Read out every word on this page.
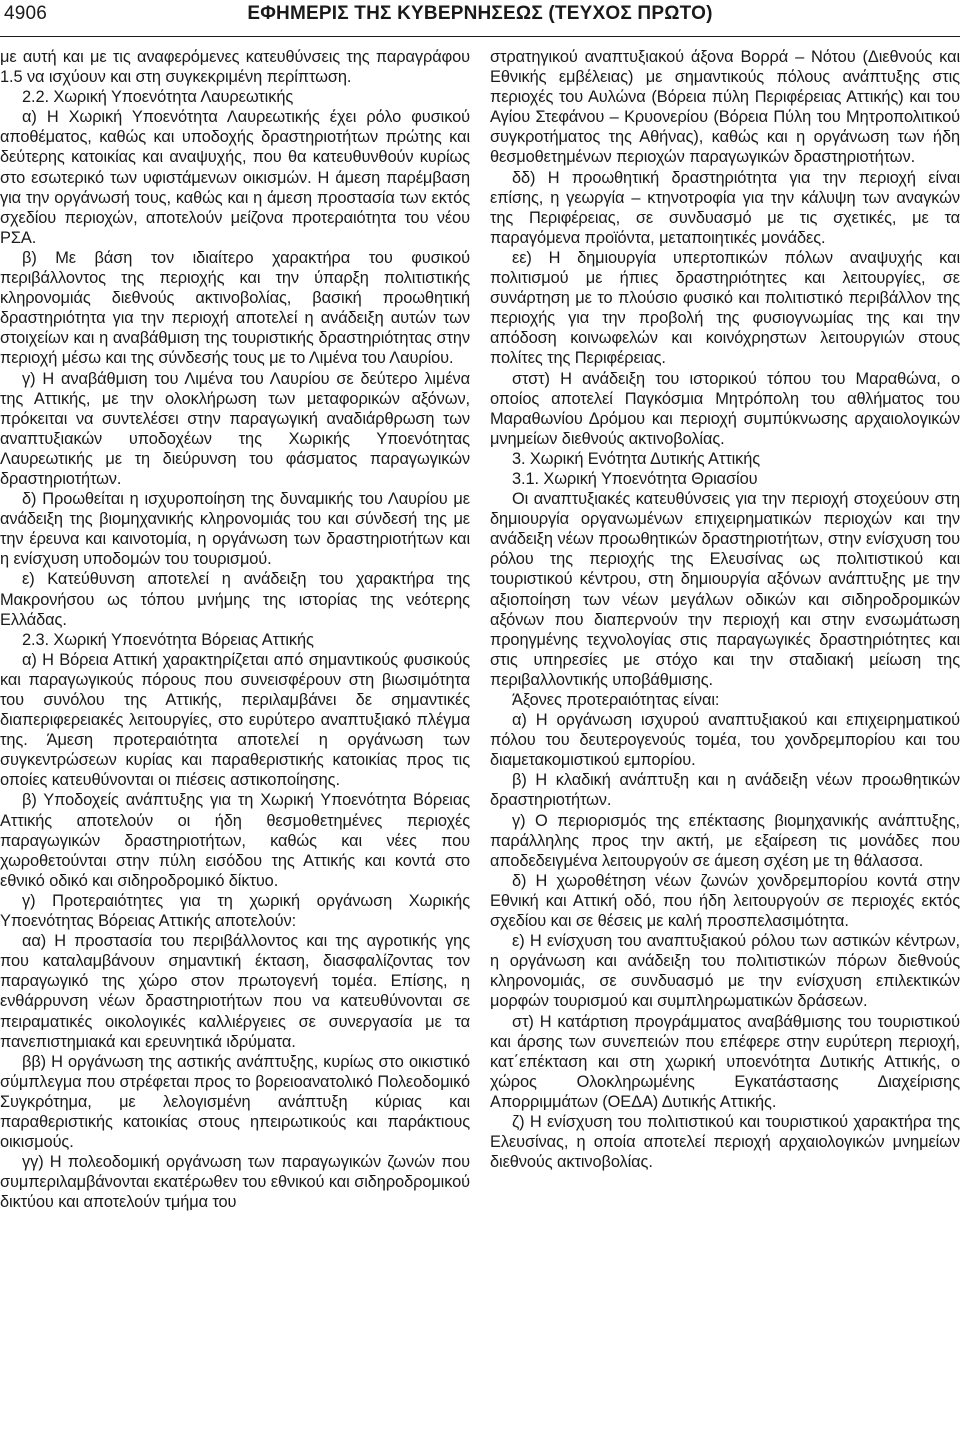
4906	ΕΦΗΜΕΡΙΣ ΤΗΣ ΚΥΒΕΡΝΗΣΕΩΣ (ΤΕΥΧΟΣ ΠΡΩΤΟ)

με αυτή και με τις αναφερόμενες κατευθύνσεις της παραγράφου 1.5 να ισχύουν και στη συγκεκριμένη περίπτωση.

2.2. Χωρική Υποενότητα Λαυρεωτικής

α) Η Χωρική Υποενότητα Λαυρεωτικής έχει ρόλο φυσικού αποθέματος, καθώς και υποδοχής δραστηριοτήτων πρώτης και δεύτερης κατοικίας και αναψυχής, που θα κατευθυνθούν κυρίως στο εσωτερικό των υφιστάμενων οικισμών. Η άμεση παρέμβαση για την οργάνωσή τους, καθώς και η άμεση προστασία των εκτός σχεδίου περιοχών, αποτελούν μείζονα προτεραιότητα του νέου ΡΣΑ.

β) Με βάση τον ιδιαίτερο χαρακτήρα του φυσικού περιβάλλοντος της περιοχής και την ύπαρξη πολιτιστικής κληρονομιάς διεθνούς ακτινοβολίας, βασική προωθητική δραστηριότητα για την περιοχή αποτελεί η ανάδειξη αυτών των στοιχείων και η αναβάθμιση της τουριστικής δραστηριότητας στην περιοχή μέσω και της σύνδεσής τους με το Λιμένα του Λαυρίου.

γ) Η αναβάθμιση του Λιμένα του Λαυρίου σε δεύτερο λιμένα της Αττικής, με την ολοκλήρωση των μεταφορικών αξόνων, πρόκειται να συντελέσει στην παραγωγική αναδιάρθρωση των αναπτυξιακών υποδοχέων της Χωρικής Υποενότητας Λαυρεωτικής με τη διεύρυνση του φάσματος παραγωγικών δραστηριοτήτων.

δ) Προωθείται η ισχυροποίηση της δυναμικής του Λαυρίου με ανάδειξη της βιομηχανικής κληρονομιάς του και σύνδεσή της με την έρευνα και καινοτομία, η οργάνωση των δραστηριοτήτων και η ενίσχυση υποδομών του τουρισμού.

ε) Κατεύθυνση αποτελεί η ανάδειξη του χαρακτήρα της Μακρονήσου ως τόπου μνήμης της ιστορίας της νεότερης Ελλάδας.

2.3. Χωρική Υποενότητα Βόρειας Αττικής

α) Η Βόρεια Αττική χαρακτηρίζεται από σημαντικούς φυσικούς και παραγωγικούς πόρους που συνεισφέρουν στη βιωσιμότητα του συνόλου της Αττικής, περιλαμβάνει δε σημαντικές διαπεριφερειακές λειτουργίες, στο ευρύτερο αναπτυξιακό πλέγμα της. Άμεση προτεραιότητα αποτελεί η οργάνωση των συγκεντρώσεων κυρίας και παραθεριστικής κατοικίας προς τις οποίες κατευθύνονται οι πιέσεις αστικοποίησης.

β) Υποδοχείς ανάπτυξης για τη Χωρική Υποενότητα Βόρειας Αττικής αποτελούν οι ήδη θεσμοθετημένες περιοχές παραγωγικών δραστηριοτήτων, καθώς και νέες που χωροθετούνται στην πύλη εισόδου της Αττικής και κοντά στο εθνικό οδικό και σιδηροδρομικό δίκτυο.

γ) Προτεραιότητες για τη χωρική οργάνωση Χωρικής Υποενότητας Βόρειας Αττικής αποτελούν:

αα) Η προστασία του περιβάλλοντος και της αγροτικής γης που καταλαμβάνουν σημαντική έκταση, διασφαλίζοντας τον παραγωγικό της χώρο στον πρωτογενή τομέα. Επίσης, η ενθάρρυνση νέων δραστηριοτήτων που να κατευθύνονται σε πειραματικές οικολογικές καλλιέργειες σε συνεργασία με τα πανεπιστημιακά και ερευνητικά ιδρύματα.

ββ) Η οργάνωση της αστικής ανάπτυξης, κυρίως στο οικιστικό σύμπλεγμα που στρέφεται προς το βορειοανατολικό Πολεοδομικό Συγκρότημα, με λελογισμένη ανάπτυξη κύριας και παραθεριστικής κατοικίας στους ηπειρωτικούς και παράκτιους οικισμούς.

γγ) Η πολεοδομική οργάνωση των παραγωγικών ζωνών που συμπεριλαμβάνονται εκατέρωθεν του εθνικού και σιδηροδρομικού δικτύου και αποτελούν τμήμα του

στρατηγικού αναπτυξιακού άξονα Βορρά – Νότου (Διεθνούς και Εθνικής εμβέλειας) με σημαντικούς πόλους ανάπτυξης στις περιοχές του Αυλώνα (Βόρεια πύλη Περιφέρειας Αττικής) και του Αγίου Στεφάνου – Κρυονερίου (Βόρεια Πύλη του Μητροπολιτικού συγκροτήματος της Αθήνας), καθώς και η οργάνωση των ήδη θεσμοθετημένων περιοχών παραγωγικών δραστηριοτήτων.

δδ) Η προωθητική δραστηριότητα για την περιοχή είναι επίσης, η γεωργία – κτηνοτροφία για την κάλυψη των αναγκών της Περιφέρειας, σε συνδυασμό με τις σχετικές, με τα παραγόμενα προϊόντα, μεταποιητικές μονάδες.

εε) Η δημιουργία υπερτοπικών πόλων αναψυχής και πολιτισμού με ήπιες δραστηριότητες και λειτουργίες, σε συνάρτηση με το πλούσιο φυσικό και πολιτιστικό περιβάλλον της περιοχής για την προβολή της φυσιογνωμίας της και την απόδοση κοινωφελών και κοινόχρηστων λειτουργιών στους πολίτες της Περιφέρειας.

στστ) Η ανάδειξη του ιστορικού τόπου του Μαραθώνα, ο οποίος αποτελεί Παγκόσμια Μητρόπολη του αθλήματος του Μαραθωνίου Δρόμου και περιοχή συμπύκνωσης αρχαιολογικών μνημείων διεθνούς ακτινοβολίας.

3. Χωρική Ενότητα Δυτικής Αττικής

3.1. Χωρική Υποενότητα Θριασίου

Οι αναπτυξιακές κατευθύνσεις για την περιοχή στοχεύουν στη δημιουργία οργανωμένων επιχειρηματικών περιοχών και την ανάδειξη νέων προωθητικών δραστηριοτήτων, στην ενίσχυση του ρόλου της περιοχής της Ελευσίνας ως πολιτιστικού και τουριστικού κέντρου, στη δημιουργία αξόνων ανάπτυξης με την αξιοποίηση των νέων μεγάλων οδικών και σιδηροδρομικών αξόνων που διαπερνούν την περιοχή και στην ενσωμάτωση προηγμένης τεχνολογίας στις παραγωγικές δραστηριότητες και στις υπηρεσίες με στόχο και την σταδιακή μείωση της περιβαλλοντικής υποβάθμισης.

Άξονες προτεραιότητας είναι:

α) Η οργάνωση ισχυρού αναπτυξιακού και επιχειρηματικού πόλου του δευτερογενούς τομέα, του χονδρεμπορίου και του διαμετακομιστικού εμπορίου.

β) Η κλαδική ανάπτυξη και η ανάδειξη νέων προωθητικών δραστηριοτήτων.

γ) Ο περιορισμός της επέκτασης βιομηχανικής ανάπτυξης, παράλληλης προς την ακτή, με εξαίρεση τις μονάδες που αποδεδειγμένα λειτουργούν σε άμεση σχέση με τη θάλασσα.

δ) Η χωροθέτηση νέων ζωνών χονδρεμπορίου κοντά στην Εθνική και Αττική οδό, που ήδη λειτουργούν σε περιοχές εκτός σχεδίου και σε θέσεις με καλή προσπελασιμότητα.

ε) Η ενίσχυση του αναπτυξιακού ρόλου των αστικών κέντρων, η οργάνωση και ανάδειξη του πολιτιστικών πόρων διεθνούς κληρονομιάς, σε συνδυασμό με την ενίσχυση επιλεκτικών μορφών τουρισμού και συμπληρωματικών δράσεων.

στ) Η κατάρτιση προγράμματος αναβάθμισης του τουριστικού και άρσης των συνεπειών που επέφερε στην ευρύτερη περιοχή, κατ΄επέκταση και στη χωρική υποενότητα Δυτικής Αττικής, ο χώρος Ολοκληρωμένης Εγκατάστασης Διαχείρισης Απορριμμάτων (ΟΕΔΑ) Δυτικής Αττικής.

ζ) Η ενίσχυση του πολιτιστικού και τουριστικού χαρακτήρα της Ελευσίνας, η οποία αποτελεί περιοχή αρχαιολογικών μνημείων διεθνούς ακτινοβολίας.
